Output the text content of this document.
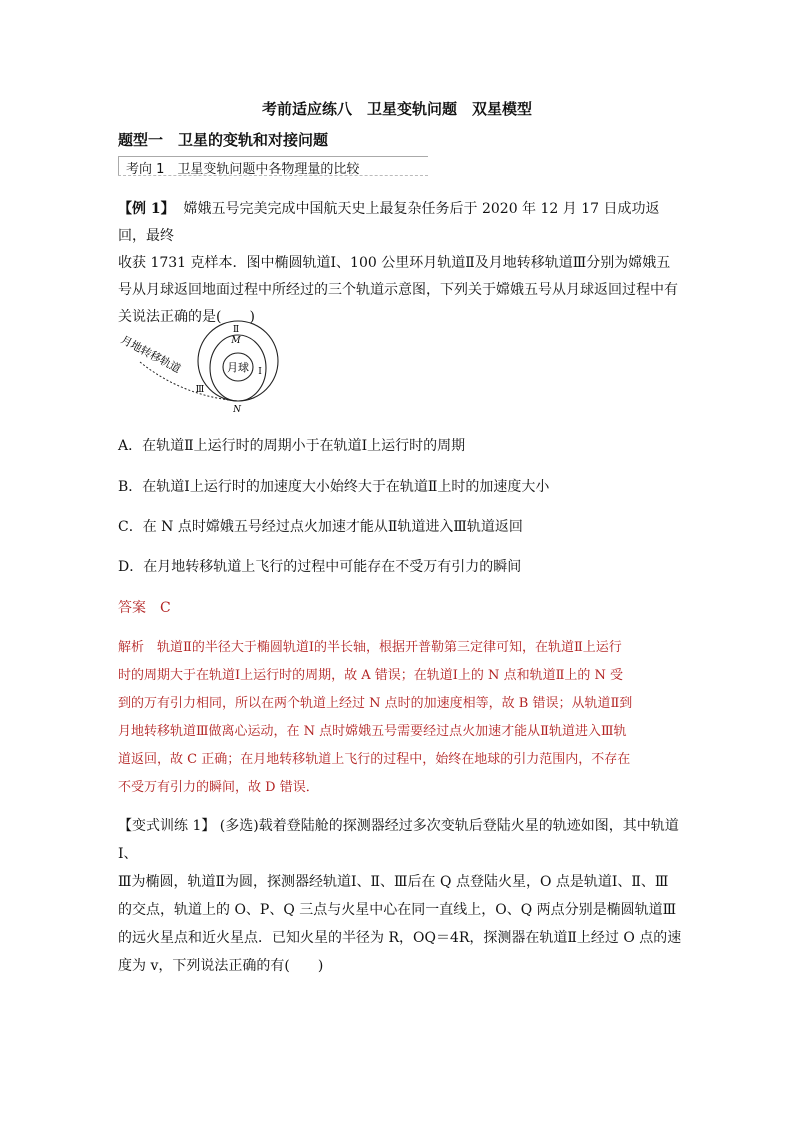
考前适应练八　卫星变轨问题　双星模型
题型一　卫星的变轨和对接问题
考向 1　卫星变轨问题中各物理量的比较
【例 1】 嫦娥五号完美完成中国航天史上最复杂任务后于 2020 年 12 月 17 日成功返回，最终
收获 1731 克样本．图中椭圆轨道Ⅰ、100 公里环月轨道Ⅱ及月地转移轨道Ⅲ分别为嫦娥五
号从月球返回地面过程中所经过的三个轨道示意图，下列关于嫦娥五号从月球返回过程中有
关说法正确的是(　　)
月球
Ⅱ
M
Ⅰ
Ⅲ
N
月地转移轨道
A．在轨道Ⅱ上运行时的周期小于在轨道Ⅰ上运行时的周期
B．在轨道Ⅰ上运行时的加速度大小始终大于在轨道Ⅱ上时的加速度大小
C．在 N 点时嫦娥五号经过点火加速才能从Ⅱ轨道进入Ⅲ轨道返回
D．在月地转移轨道上飞行的过程中可能存在不受万有引力的瞬间
答案　C
解析　轨道Ⅱ的半径大于椭圆轨道Ⅰ的半长轴，根据开普勒第三定律可知，在轨道Ⅱ上运行
时的周期大于在轨道Ⅰ上运行时的周期，故 A 错误；在轨道Ⅰ上的 N 点和轨道Ⅱ上的 N 受
到的万有引力相同，所以在两个轨道上经过 N 点时的加速度相等，故 B 错误；从轨道Ⅱ到
月地转移轨道Ⅲ做离心运动，在 N 点时嫦娥五号需要经过点火加速才能从Ⅱ轨道进入Ⅲ轨
道返回，故 C 正确；在月地转移轨道上飞行的过程中，始终在地球的引力范围内，不存在
不受万有引力的瞬间，故 D 错误．
【变式训练 1】 (多选)载着登陆舱的探测器经过多次变轨后登陆火星的轨迹如图，其中轨道Ⅰ、
Ⅲ为椭圆，轨道Ⅱ为圆，探测器经轨道Ⅰ、Ⅱ、Ⅲ后在 Q 点登陆火星，O 点是轨道Ⅰ、Ⅱ、Ⅲ
的交点，轨道上的 O、P、Q 三点与火星中心在同一直线上，O、Q 两点分别是椭圆轨道Ⅲ
的远火星点和近火星点．已知火星的半径为 R，OQ＝4R，探测器在轨道Ⅱ上经过 O 点的速
度为 v，下列说法正确的有(　　)
